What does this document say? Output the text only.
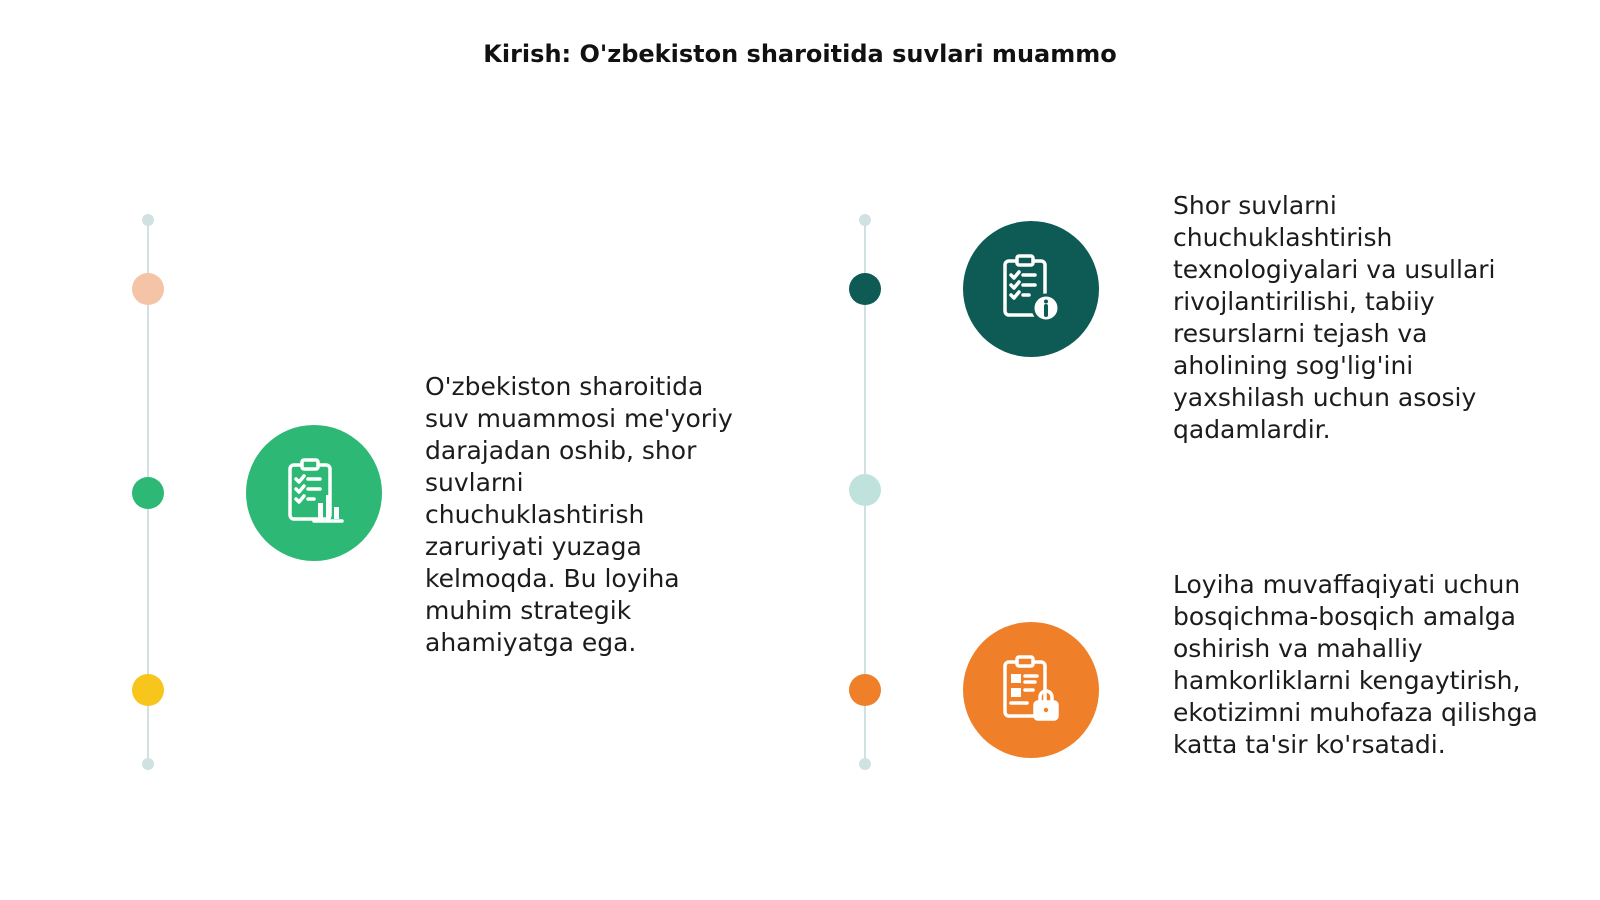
Kirish: O'zbekiston sharoitida suvlari muammo

O'zbekiston sharoitida suv muammosi me'yoriy darajadan oshib, shor suvlarni chuchuklashtirish zaruriyati yuzaga kelmoqda. Bu loyiha muhim strategik ahamiyatga ega.

Shor suvlarni chuchuklashtirish texnologiyalari va usullari rivojlantirilishi, tabiiy resurslarni tejash va aholining sog'lig'ini yaxshilash uchun asosiy qadamlardir.

Loyiha muvaffaqiyati uchun bosqichma-bosqich amalga oshirish va mahalliy hamkorliklarni kengaytirish, ekotizimni muhofaza qilishga katta ta'sir ko'rsatadi.
